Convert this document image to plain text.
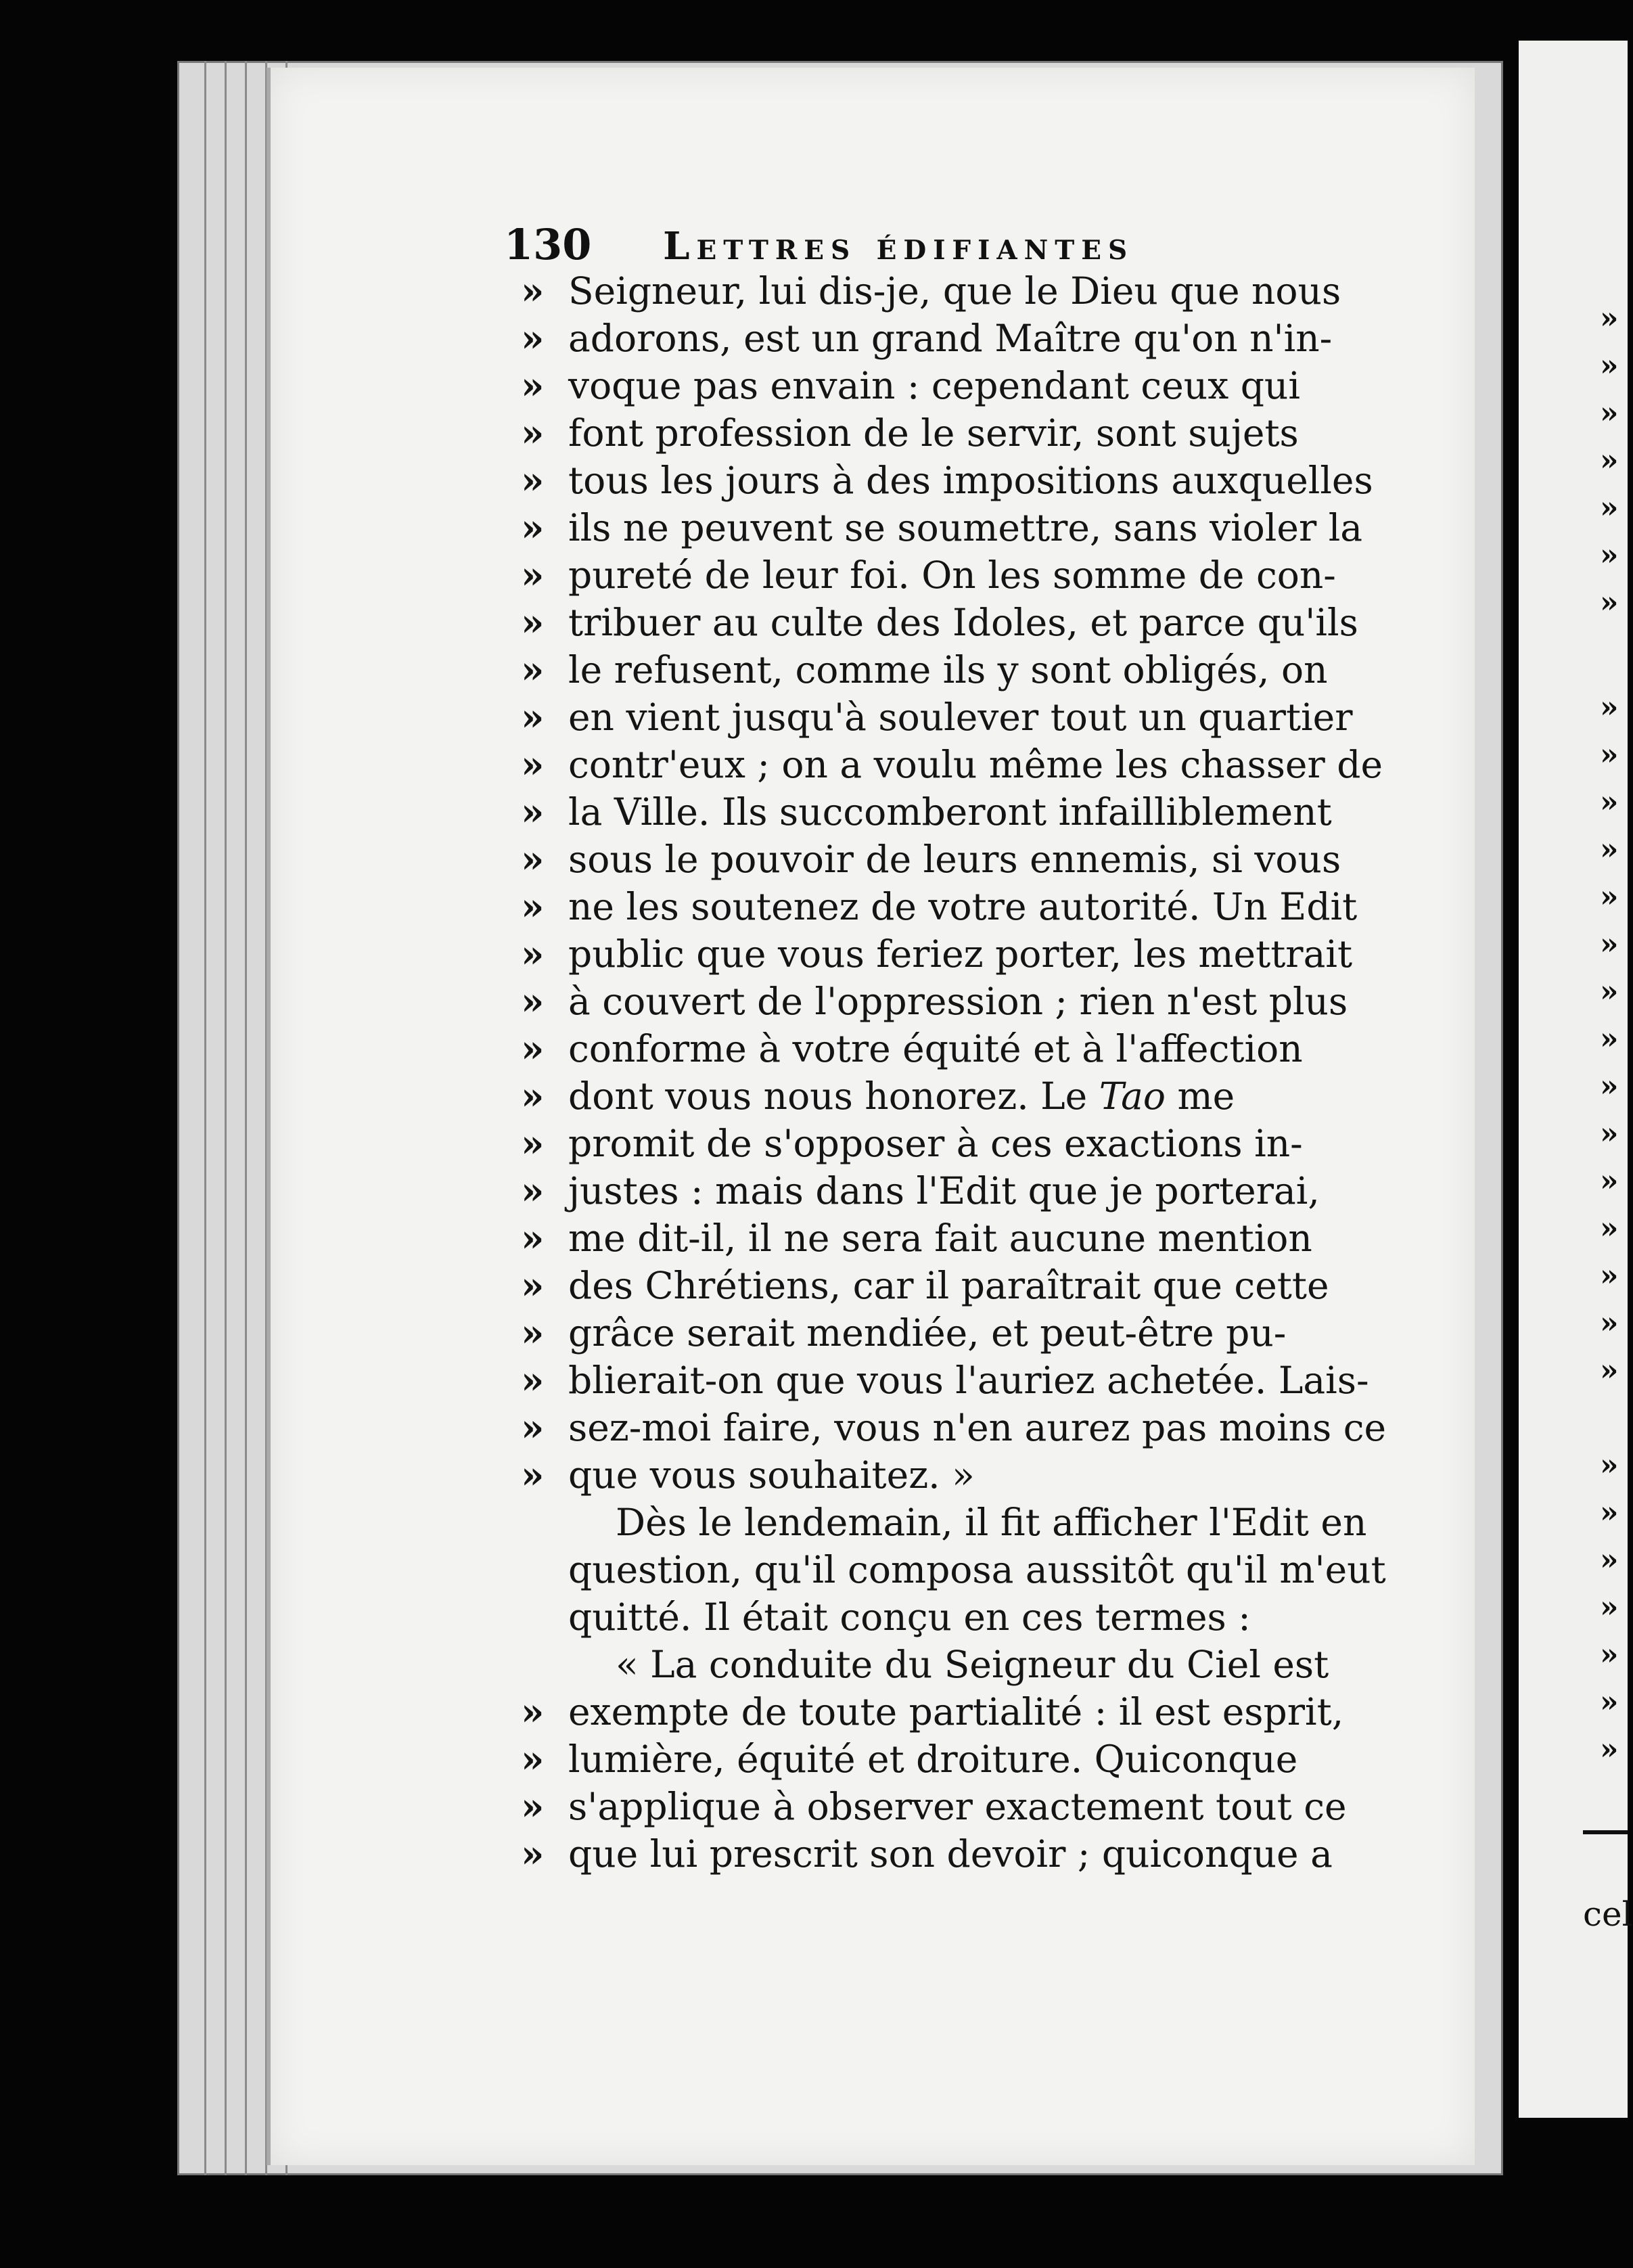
130 Lettres édifiantes
» Seigneur, lui dis-je, que le Dieu que nous
» adorons, est un grand Maître qu'on n'in-
» voque pas envain : cependant ceux qui
» font profession de le servir, sont sujets
» tous les jours à des impositions auxquelles
» ils ne peuvent se soumettre, sans violer la
» pureté de leur foi. On les somme de con-
» tribuer au culte des Idoles, et parce qu'ils
» le refusent, comme ils y sont obligés, on
» en vient jusqu'à soulever tout un quartier
» contr'eux ; on a voulu même les chasser de
» la Ville. Ils succomberont infailliblement
» sous le pouvoir de leurs ennemis, si vous
» ne les soutenez de votre autorité. Un Edit
» public que vous feriez porter, les mettrait
» à couvert de l'oppression ; rien n'est plus
» conforme à votre équité et à l'affection
» dont vous nous honorez. Le Tao me
» promit de s'opposer à ces exactions in-
» justes : mais dans l'Edit que je porterai,
» me dit-il, il ne sera fait aucune mention
» des Chrétiens, car il paraîtrait que cette
» grâce serait mendiée, et peut-être pu-
» blierait-on que vous l'auriez achetée. Lais-
» sez-moi faire, vous n'en aurez pas moins ce
» que vous souhaitez. »
Dès le lendemain, il fit afficher l'Edit en
question, qu'il composa aussitôt qu'il m'eut
quitté. Il était conçu en ces termes :
« La conduite du Seigneur du Ciel est
» exempte de toute partialité : il est esprit,
» lumière, équité et droiture. Quiconque
» s'applique à observer exactement tout ce
» que lui prescrit son devoir ; quiconque a
cel
»
»
»
»
»
»
»
»
»
»
»
»
»
»
»
»
»
»
»
»
»
»
»
»
»
»
»
»
»
